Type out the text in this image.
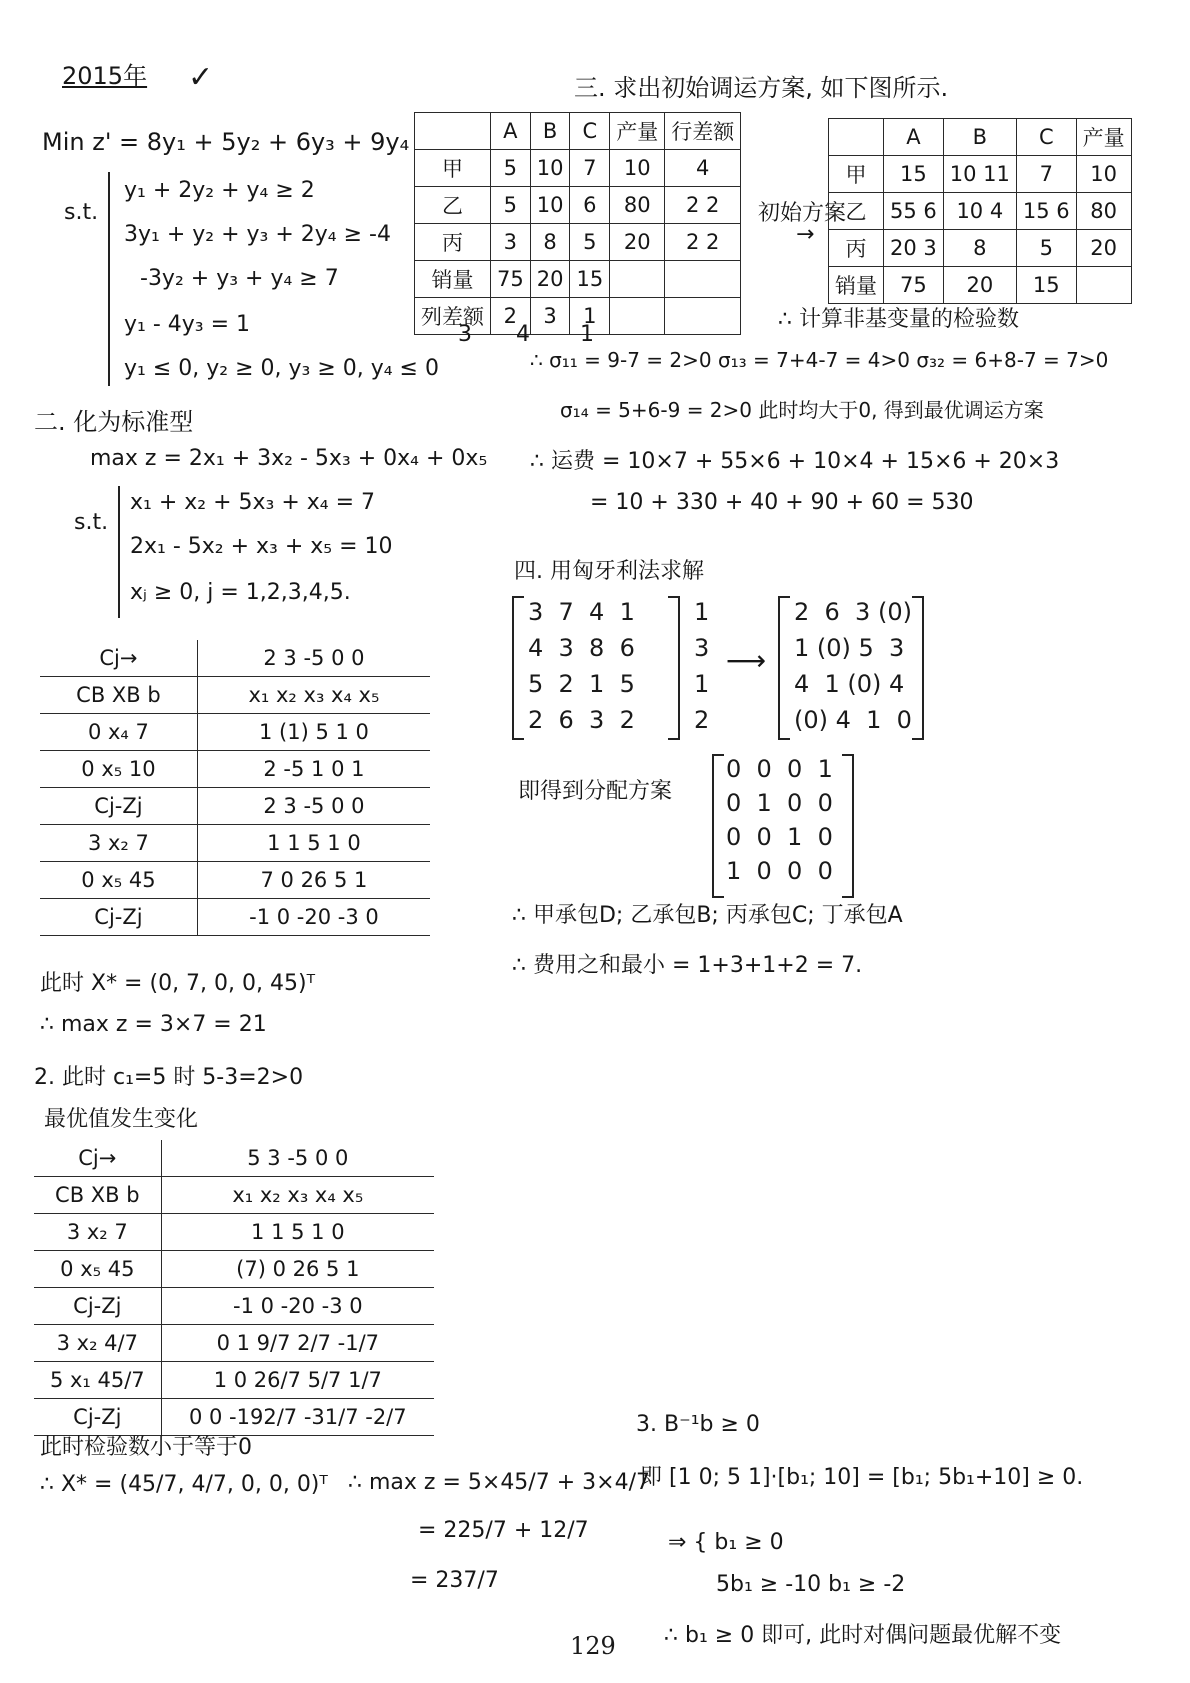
2015年 ✓
Min z' = 8y₁ + 5y₂ + 6y₃ + 9y₄
s.t.
y₁ + 2y₂ + y₄ ≥ 2
3y₁ + y₂ + y₃ + 2y₄ ≥ -4
-3y₂ + y₃ + y₄ ≥ 7
y₁ - 4y₃ = 1
y₁ ≤ 0, y₂ ≥ 0, y₃ ≥ 0, y₄ ≤ 0
二. 化为标准型
max z = 2x₁ + 3x₂ - 5x₃ + 0x₄ + 0x₅
s.t.
x₁ + x₂ + 5x₃ + x₄ = 7
2x₁ - 5x₂ + x₃ + x₅ = 10
xⱼ ≥ 0, j = 1,2,3,4,5.
Cj→	2 3 -5 0 0
CB XB b	x₁ x₂ x₃ x₄ x₅
0 x₄ 7	1 (1) 5 1 0
0 x₅ 10	2 -5 1 0 1
Cj-Zj	2 3 -5 0 0
3 x₂ 7	1 1 5 1 0
0 x₅ 45	7 0 26 5 1
Cj-Zj	-1 0 -20 -3 0
此时 X* = (0, 7, 0, 0, 45)ᵀ
∴ max z = 3×7 = 21
2. 此时 c₁=5 时 5-3=2>0
最优值发生变化
Cj→	5 3 -5 0 0
CB XB b	x₁ x₂ x₃ x₄ x₅
3 x₂ 7	1 1 5 1 0
0 x₅ 45	(7) 0 26 5 1
Cj-Zj	-1 0 -20 -3 0
3 x₂ 4/7	0 1 9/7 2/7 -1/7
5 x₁ 45/7	1 0 26/7 5/7 1/7
Cj-Zj	0 0 -192/7 -31/7 -2/7
此时检验数小于等于0
∴ X* = (45/7, 4/7, 0, 0, 0)ᵀ ∴ max z = 5×45/7 + 3×4/7
= 225/7 + 12/7
= 237/7
三. 求出初始调运方案, 如下图所示.
	A	B	C	产量	行差额
甲	5	10	7	10	4
乙	5	10	6	80	2 2
丙	3	8	5	20	2 2
销量	75	20	15		
列差额	2	3	1		
3 4 1
初始方案
→
	A	B	C	产量
甲	15	10 11	7	10
乙	55 6	10 4	15 6	80
丙	20 3	8	5	20
销量	75	20	15	
∴ 计算非基变量的检验数
∴ σ₁₁ = 9-7 = 2>0 σ₁₃ = 7+4-7 = 4>0 σ₃₂ = 6+8-7 = 7>0
σ₁₄ = 5+6-9 = 2>0 此时均大于0, 得到最优调运方案
∴ 运费 = 10×7 + 55×6 + 10×4 + 15×6 + 20×3
= 10 + 330 + 40 + 90 + 60 = 530
四. 用匈牙利法求解
3  7  4  1
4  3  8  6
5  2  1  5
2  6  3  2
1
3
1
2
⟶
2  6  3 (0)
1 (0) 5  3
4  1 (0) 4
(0) 4  1  0
即得到分配方案
0  0  0  1
0  1  0  0
0  0  1  0
1  0  0  0
∴ 甲承包D; 乙承包B; 丙承包C; 丁承包A
∴ 费用之和最小 = 1+3+1+2 = 7.
3. B⁻¹b ≥ 0
即 [1 0; 5 1]·[b₁; 10] = [b₁; 5b₁+10] ≥ 0.
⇒ { b₁ ≥ 0
5b₁ ≥ -10 b₁ ≥ -2
∴ b₁ ≥ 0 即可, 此时对偶问题最优解不变
129
